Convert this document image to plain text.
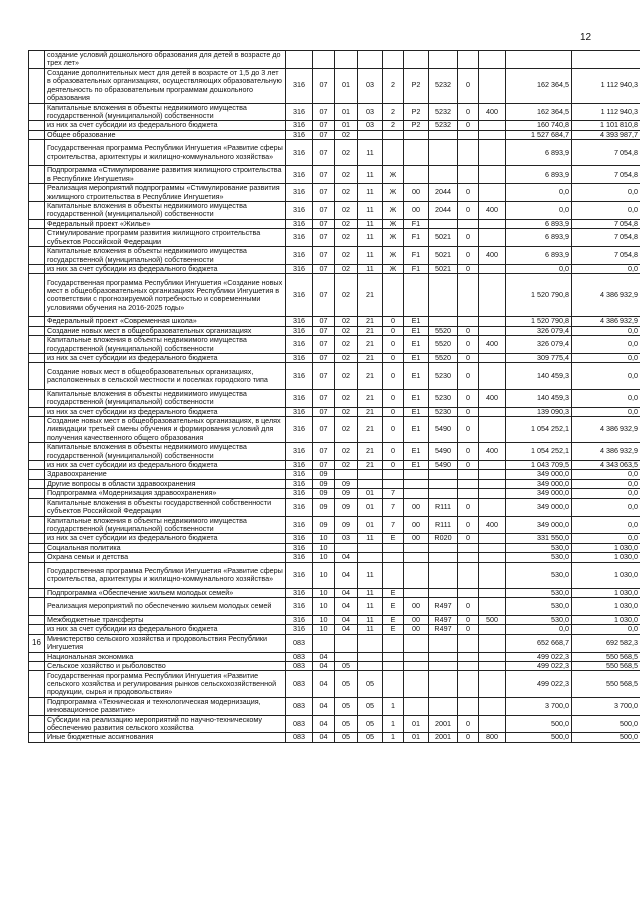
12
	создание условий дошкольного образования для детей в возрасте до трех лет»											
	Создание дополнительных мест для детей в возрасте от 1,5 до 3 лет в образовательных организациях, осуществляющих образовательную деятельность по образовательным программам дошкольного образования	316	07	01	03	2	P2	5232	0		162 364,5	1 112 940,3
	Капитальные вложения в объекты недвижимого имущества государственной (муниципальной) собственности	316	07	01	03	2	P2	5232	0	400	162 364,5	1 112 940,3
	из них за счет субсидии из федерального бюджета	316	07	01	03	2	P2	5232	0		160 740,8	1 101 810,8
	Общее образование	316	07	02							1 527 684,7	4 393 987,7
	Государственная программа Республики Ингушетия «Развитие сферы строительства, архитектуры и жилищно-коммунального хозяйства»	316	07	02	11						6 893,9	7 054,8
	Подпрограмма «Стимулирование развития жилищного строительства в Республике Ингушетия»	316	07	02	11	Ж					6 893,9	7 054,8
	Реализация мероприятий подпрограммы «Стимулирование развития жилищного строительства в Республике Ингушетия»	316	07	02	11	Ж	00	2044	0		0,0	0,0
	Капитальные вложения в объекты недвижимого имущества государственной (муниципальной) собственности	316	07	02	11	Ж	00	2044	0	400	0,0	0,0
	Федеральный проект «Жилье»	316	07	02	11	Ж	F1				6 893,9	7 054,8
	Стимулирование программ развития жилищного строительства субъектов Российской Федерации	316	07	02	11	Ж	F1	5021	0		6 893,9	7 054,8
	Капитальные вложения в объекты недвижимого имущества государственной (муниципальной) собственности	316	07	02	11	Ж	F1	5021	0	400	6 893,9	7 054,8
	из них за счет субсидии из федерального бюджета	316	07	02	11	Ж	F1	5021	0		0,0	0,0
	Государственная программа Республики Ингушетия «Создание новых мест в общеобразовательных организациях Республики Ингушетия в соответствии с прогнозируемой потребностью и современными условиями обучения на 2016-2025 годы»	316	07	02	21						1 520 790,8	4 386 932,9
	Федеральный проект «Современная школа»	316	07	02	21	0	E1				1 520 790,8	4 386 932,9
	Создание новых мест в общеобразовательных организациях	316	07	02	21	0	E1	5520	0		326 079,4	0,0
	Капитальные вложения в объекты недвижимого имущества государственной (муниципальной) собственности	316	07	02	21	0	E1	5520	0	400	326 079,4	0,0
	из них за счет субсидии из федерального бюджета	316	07	02	21	0	E1	5520	0		309 775,4	0,0
	Создание новых мест в общеобразовательных организациях, расположенных в сельской местности и поселках городского типа	316	07	02	21	0	E1	5230	0		140 459,3	0,0
	Капитальные вложения в объекты недвижимого имущества государственной (муниципальной) собственности	316	07	02	21	0	E1	5230	0	400	140 459,3	0,0
	из них за счет субсидии из федерального бюджета	316	07	02	21	0	E1	5230	0		139 090,3	0,0
	Создание новых мест в общеобразовательных организациях, в целях ликвидации третьей смены обучения и формирования условий для получения качественного общего образования	316	07	02	21	0	E1	5490	0		1 054 252,1	4 386 932,9
	Капитальные вложения в объекты недвижимого имущества государственной (муниципальной) собственности	316	07	02	21	0	E1	5490	0	400	1 054 252,1	4 386 932,9
	из них за счет субсидии из федерального бюджета	316	07	02	21	0	E1	5490	0		1 043 709,5	4 343 063,5
	Здравоохранение	316	09								349 000,0	0,0
	Другие вопросы в области здравоохранения	316	09	09							349 000,0	0,0
	Подпрограмма «Модернизация здравоохранения»	316	09	09	01	7					349 000,0	0,0
	Капитальные вложения в объекты государственной собственности субъектов Российской Федерации	316	09	09	01	7	00	R111	0		349 000,0	0,0
	Капитальные вложения в объекты недвижимого имущества государственной (муниципальной) собственности	316	09	09	01	7	00	R111	0	400	349 000,0	0,0
	из них за счет субсидии из федерального бюджета	316	10	03	11	E	00	R020	0		331 550,0	0,0
	Социальная политика	316	10								530,0	1 030,0
	Охрана семьи и детства	316	10	04							530,0	1 030,0
	Государственная программа Республики Ингушетия «Развитие сферы строительства, архитектуры и жилищно-коммунального хозяйства»	316	10	04	11						530,0	1 030,0
	Подпрограмма «Обеспечение жильем молодых семей»	316	10	04	11	E					530,0	1 030,0
	Реализация мероприятий по обеспечению жильем молодых семей	316	10	04	11	E	00	R497	0		530,0	1 030,0
	Межбюджетные трансферты	316	10	04	11	E	00	R497	0	500	530,0	1 030,0
	из них за счет субсидии из федерального бюджета	316	10	04	11	E	00	R497	0		0,0	0,0
16	Министерство сельского хозяйства и продовольствия Республики Ингушетия	083									652 668,7	692 582,3
	Национальная экономика	083	04								499 022,3	550 568,5
	Сельское хозяйство и рыболовство	083	04	05							499 022,3	550 568,5
	Государственная программа Республики Ингушетия «Развитие сельского хозяйства и регулирования рынков сельскохозяйственной продукции, сырья и продовольствия»	083	04	05	05						499 022,3	550 568,5
	Подпрограмма «Техническая и технологическая модернизация, инновационное развитие»	083	04	05	05	1					3 700,0	3 700,0
	Субсидии на реализацию мероприятий по научно-техническому обеспечению развития сельского хозяйства	083	04	05	05	1	01	2001	0		500,0	500,0
	Иные бюджетные ассигнования	083	04	05	05	1	01	2001	0	800	500,0	500,0
